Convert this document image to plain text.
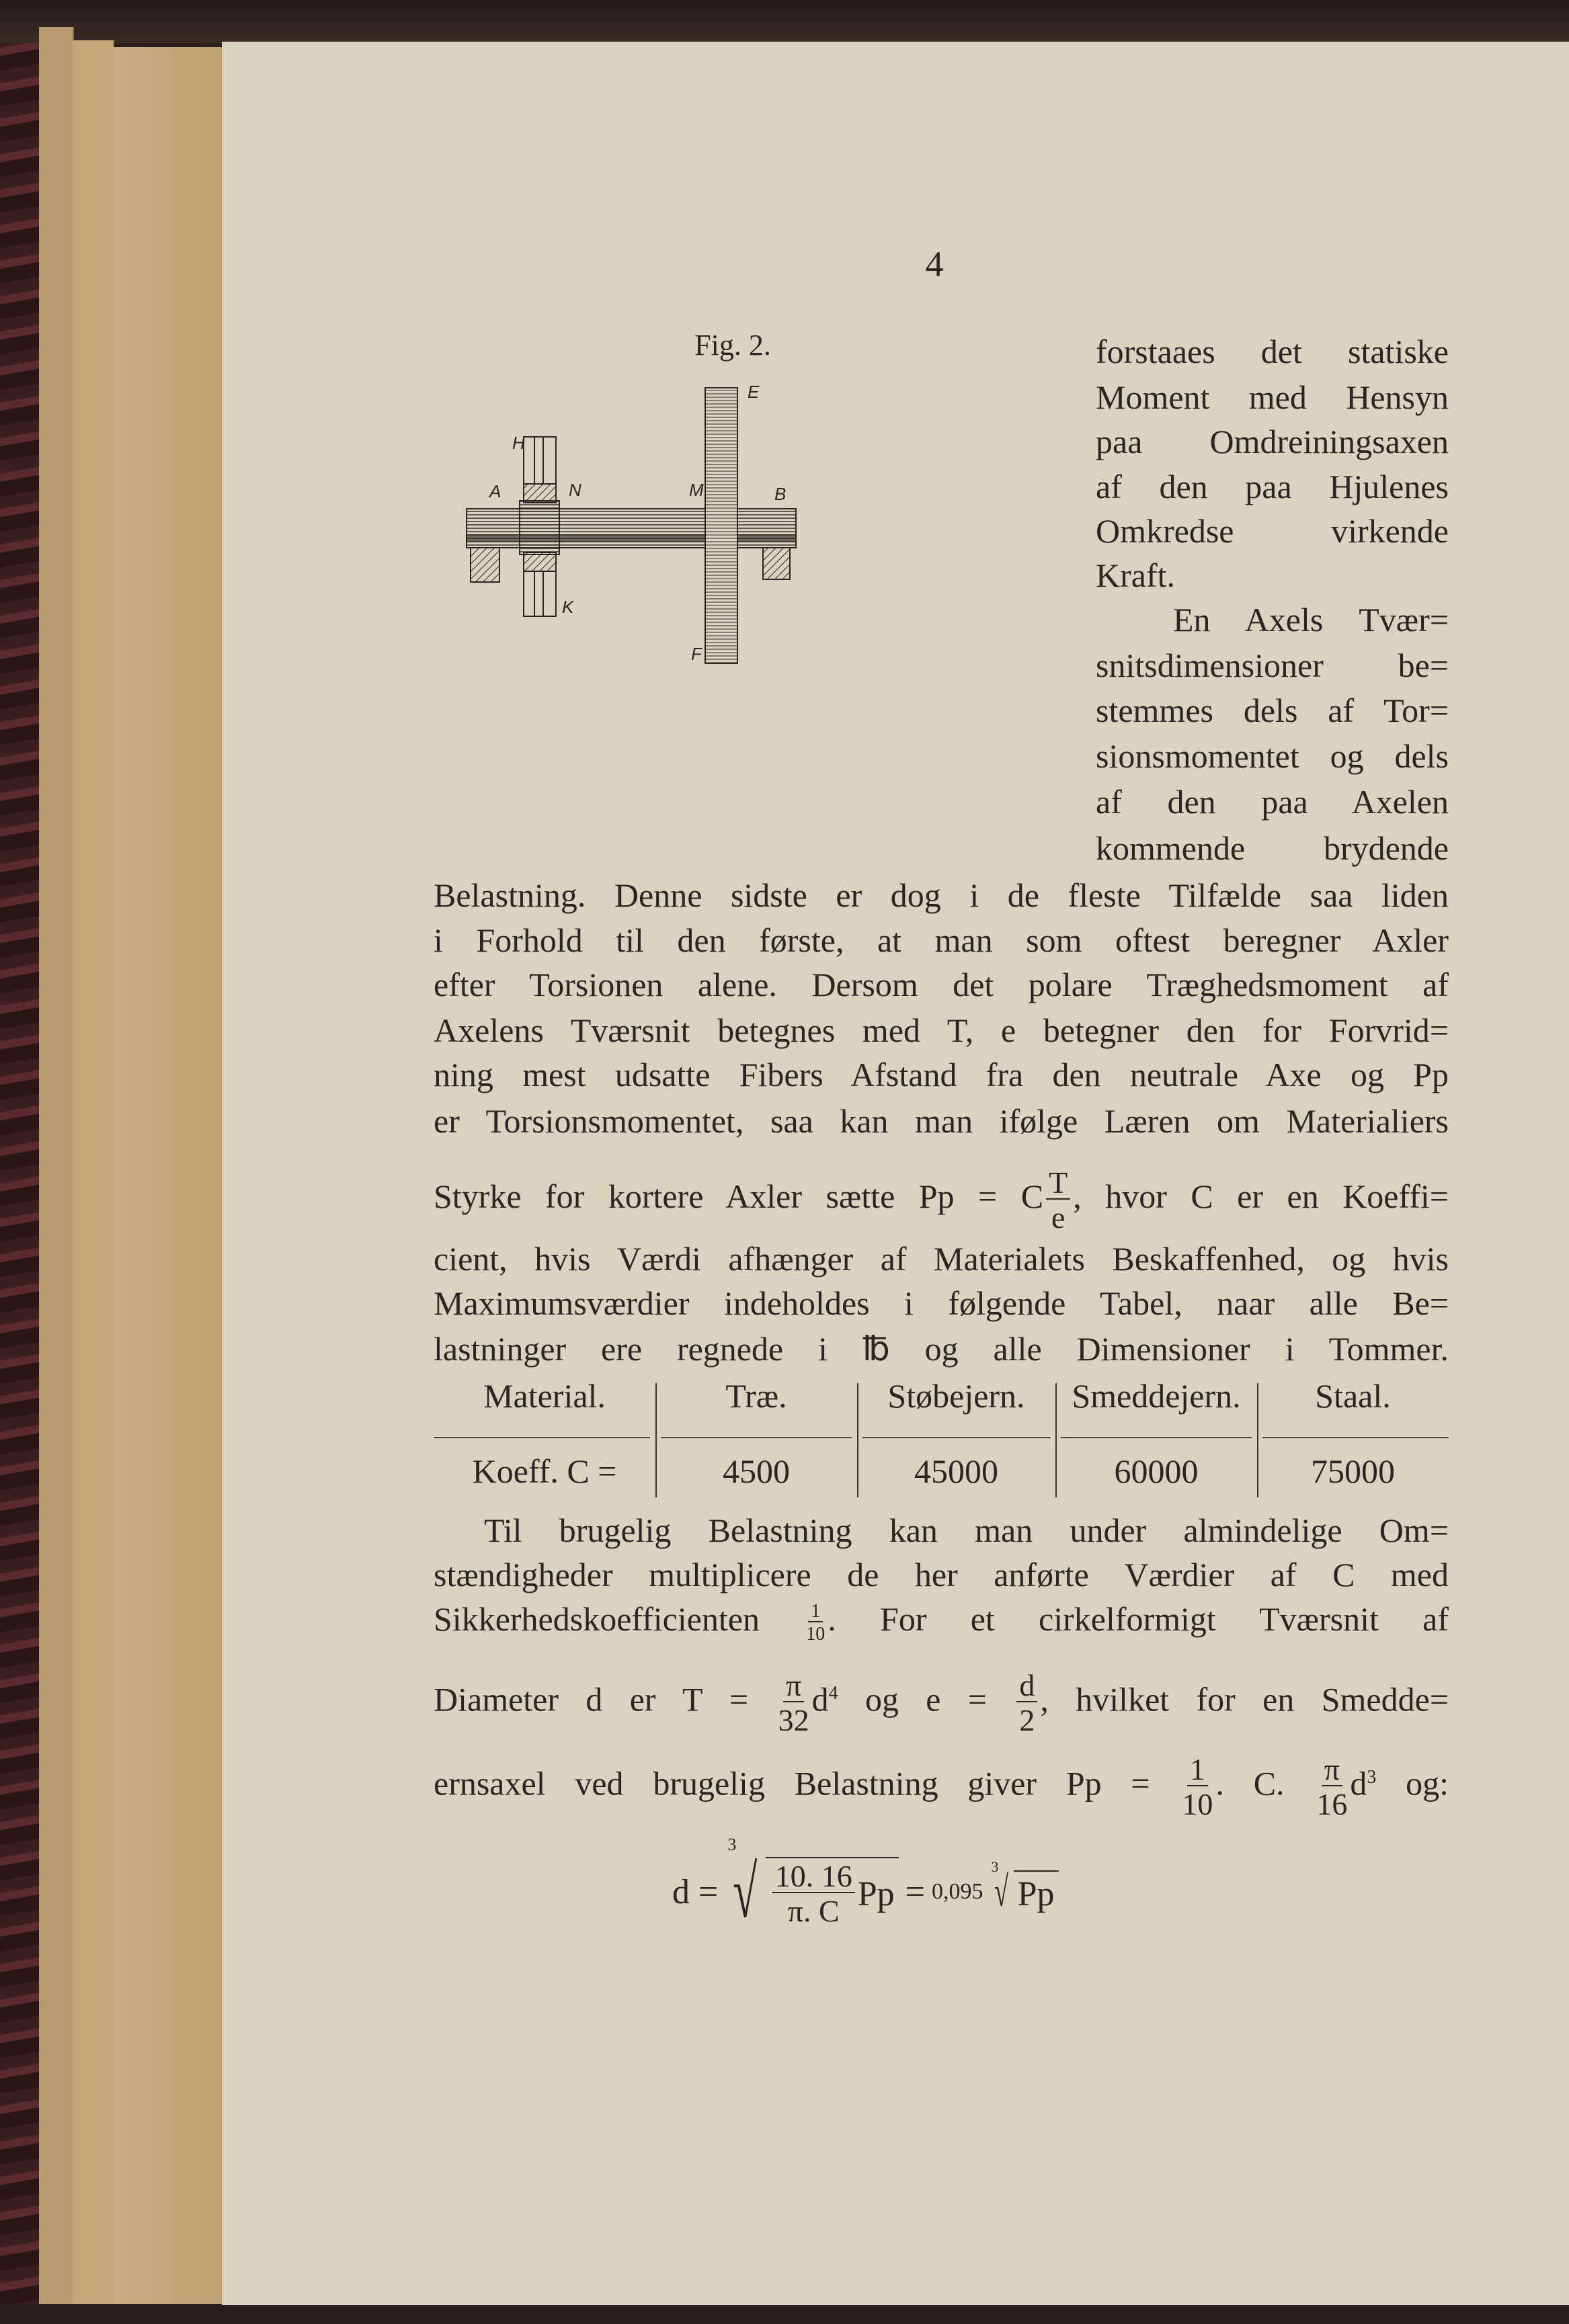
4
Fig. 2.
A
H
N	M	B
E
K
F
forstaaes det statiske
Moment med Hensyn
paa Omdreiningsaxen
af den paa Hjulenes
Omkredse virkende
Kraft.
En Axels Tvær=
snitsdimensioner be=
stemmes dels af Tor=
sionsmomentet og dels
af den paa Axelen
kommende brydende
Belastning. Denne sidste er dog i de fleste Tilfælde saa liden
i Forhold til den første, at man som oftest beregner Axler
efter Torsionen alene. Dersom det polare Træghedsmoment af
Axelens Tværsnit betegnes med T, e betegner den for Forvrid=
ning mest udsatte Fibers Afstand fra den neutrale Axe og Pp
er Torsionsmomentet, saa kan man ifølge Læren om Materialiers
Styrke for kortere Axler sætte Pp = C $\frac{T}{e}$ , hvor C er en Koeffi=
cient, hvis Værdi afhænger af Materialets Beskaffenhed, og hvis
Maximumsværdier indeholdes i følgende Tabel, naar alle Be=
lastninger ere regnede i ℔ og alle Dimensioner i Tommer.
Material.
Koeff. C =
Træ.
4500
Støbejern.
45000
Smeddejern.
60000
Staal.
75000
Til brugelig Belastning kan man under almindelige Om=
stændigheder multiplicere de her anførte Værdier af C med
Sikkerhedskoefficienten $\frac{1}{10}$ . For et cirkelformigt Tværsnit af
Diameter d er $T = \frac{\pi}{32} d^4$ og $e = \frac{d}{2}$ , hvilket for en Smedde=
ernsaxel ved brugelig Belastning giver $Pp = \frac{1}{10}$ . C. $\frac{\pi}{16} d^3$ og:
d =
3
√ $\frac{10. 16}{\pi. C}$ Pp = 0,095
3
√ Pp
